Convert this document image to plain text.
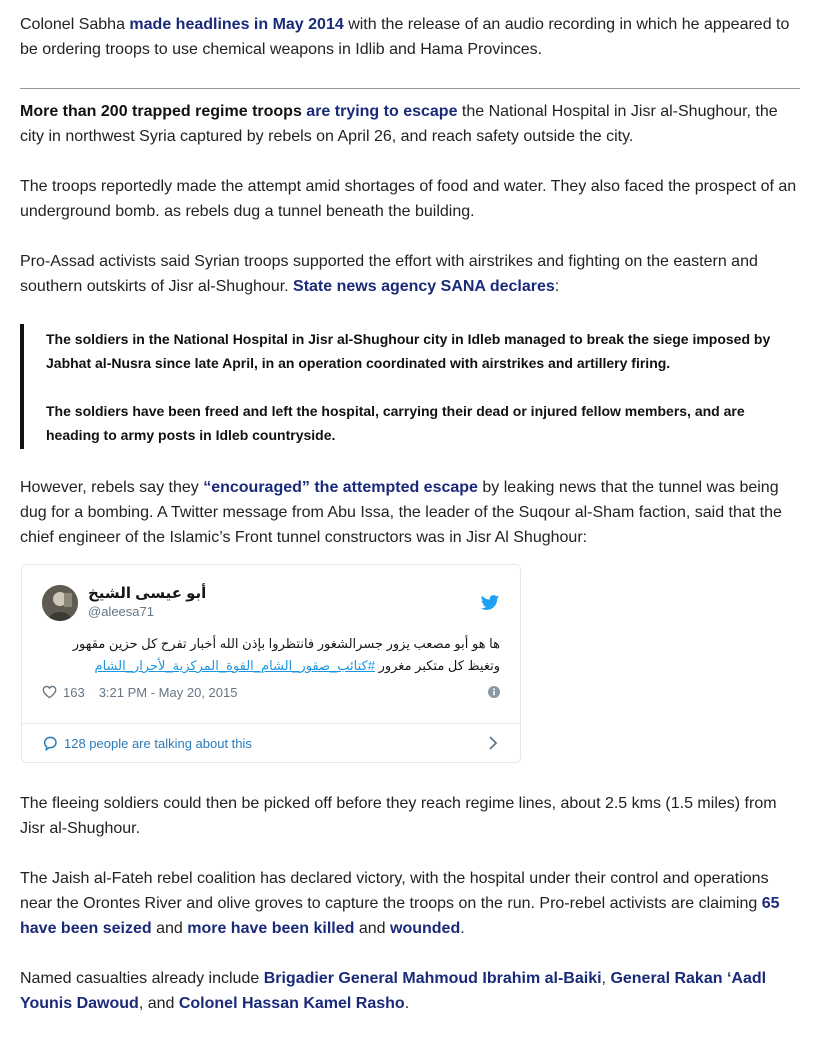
Colonel Sabha made headlines in May 2014 with the release of an audio recording in which he appeared to be ordering troops to use chemical weapons in Idlib and Hama Provinces.

More than 200 trapped regime troops are trying to escape the National Hospital in Jisr al-Shughour, the city in northwest Syria captured by rebels on April 26, and reach safety outside the city.

The troops reportedly made the attempt amid shortages of food and water. They also faced the prospect of an underground bomb. as rebels dug a tunnel beneath the building.

Pro-Assad activists said Syrian troops supported the effort with airstrikes and fighting on the eastern and southern outskirts of Jisr al-Shughour. State news agency SANA declares:

The soldiers in the National Hospital in Jisr al-Shughour city in Idleb managed to break the siege imposed by Jabhat al-Nusra since late April, in an operation coordinated with airstrikes and artillery firing.

The soldiers have been freed and left the hospital, carrying their dead or injured fellow members, and are heading to army posts in Idleb countryside.

However, rebels say they “encouraged” the attempted escape by leaking news that the tunnel was being dug for a bombing. A Twitter message from Abu Issa, the leader of the Suqour al-Sham faction, said that the chief engineer of the Islamic’s Front tunnel constructors was in Jisr Al Shughour:

أبو عيسى الشيخ
@aleesa71
ها هو أبو مصعب يزور جسرالشغور فانتظروا بإذن الله أخبار تفرح كل حزين مقهور وتغيظ كل متكبر مغرور #كتائب_صقور_الشام_القوة_المركزية_لأحرار_الشام
163 3:21 PM - May 20, 2015
128 people are talking about this

The fleeing soldiers could then be picked off before they reach regime lines, about 2.5 kms (1.5 miles) from Jisr al-Shughour.

The Jaish al-Fateh rebel coalition has declared victory, with the hospital under their control and operations near the Orontes River and olive groves to capture the troops on the run. Pro-rebel activists are claiming 65 have been seized and more have been killed and wounded.

Named casualties already include Brigadier General Mahmoud Ibrahim al-Baiki, General Rakan ‘Aadl Younis Dawoud, and Colonel Hassan Kamel Rasho.
